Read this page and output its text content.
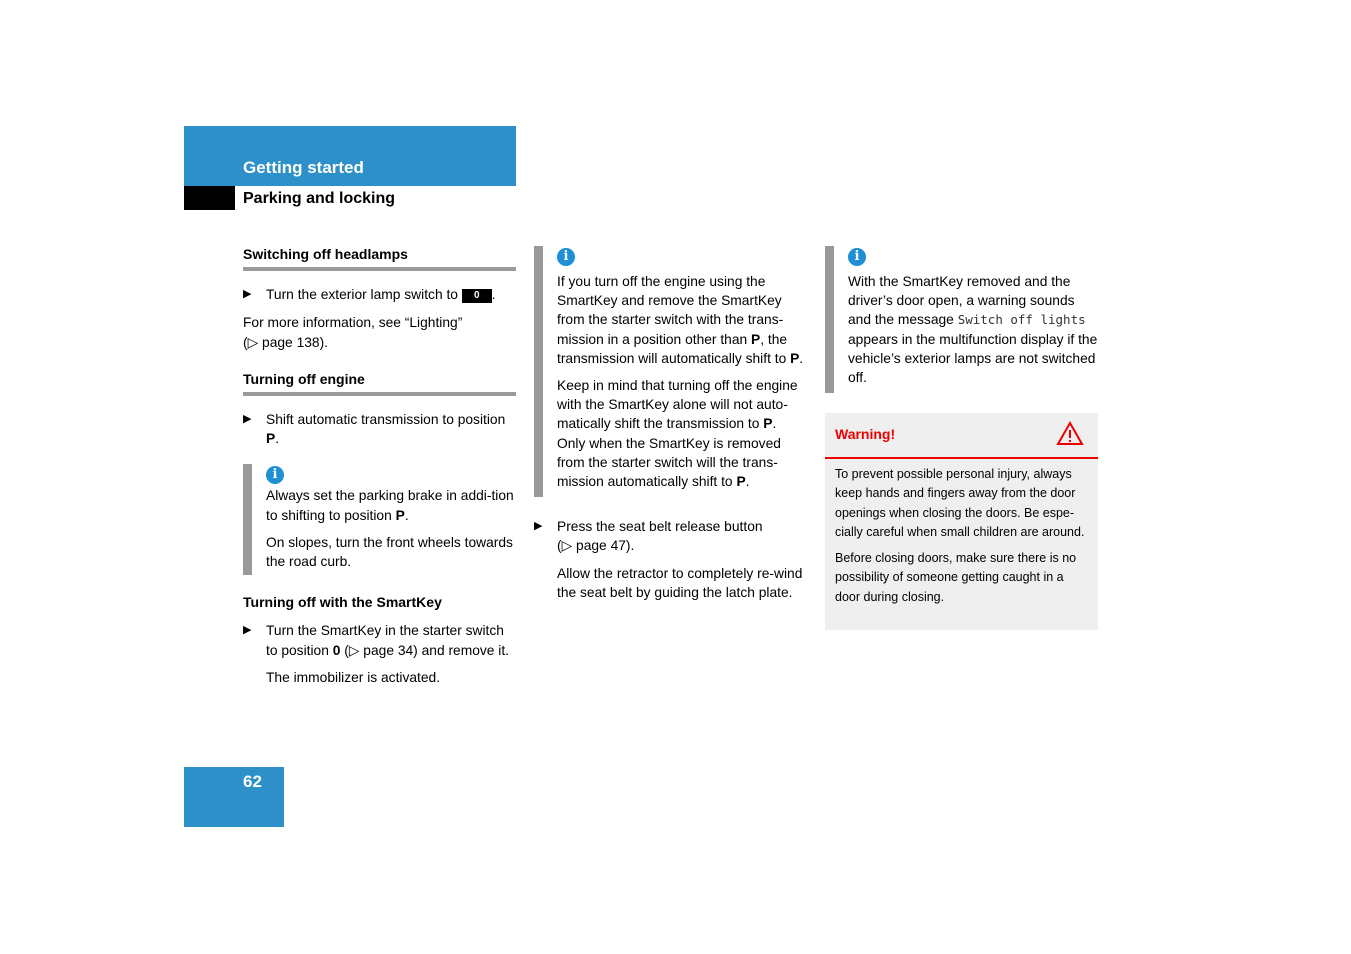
Getting started
Parking and locking
Switching off headlamps
▶ Turn the exterior lamp switch to 0 .

For more information, see “Lighting”
(▷ page 138).

Turning off engine
▶ Shift automatic transmission to position P.
i

Always set the parking brake in addi-tion to shifting to position P.

On slopes, turn the front wheels towards the road curb.

Turning off with the SmartKey
▶ Turn the SmartKey in the starter switch to position 0 (▷ page 34) and remove it.

The immobilizer is activated.

i

If you turn off the engine using the SmartKey and remove the SmartKey from the starter switch with the trans-mission in a position other than P, the transmission will automatically shift to P.

Keep in mind that turning off the engine with the SmartKey alone will not auto-matically shift the transmission to P. Only when the SmartKey is removed from the starter switch will the trans-mission automatically shift to P.

▶ Press the seat belt release button
(▷ page 47).

Allow the retractor to completely re-wind the seat belt by guiding the latch plate.

i

With the SmartKey removed and the driver’s door open, a warning sounds and the message Switch off lights appears in the multifunction display if the vehicle’s exterior lamps are not switched off.

Warning!

To prevent possible personal injury, always keep hands and fingers away from the door openings when closing the doors. Be espe-cially careful when small children are around.

Before closing doors, make sure there is no possibility of someone getting caught in a door during closing.

62
